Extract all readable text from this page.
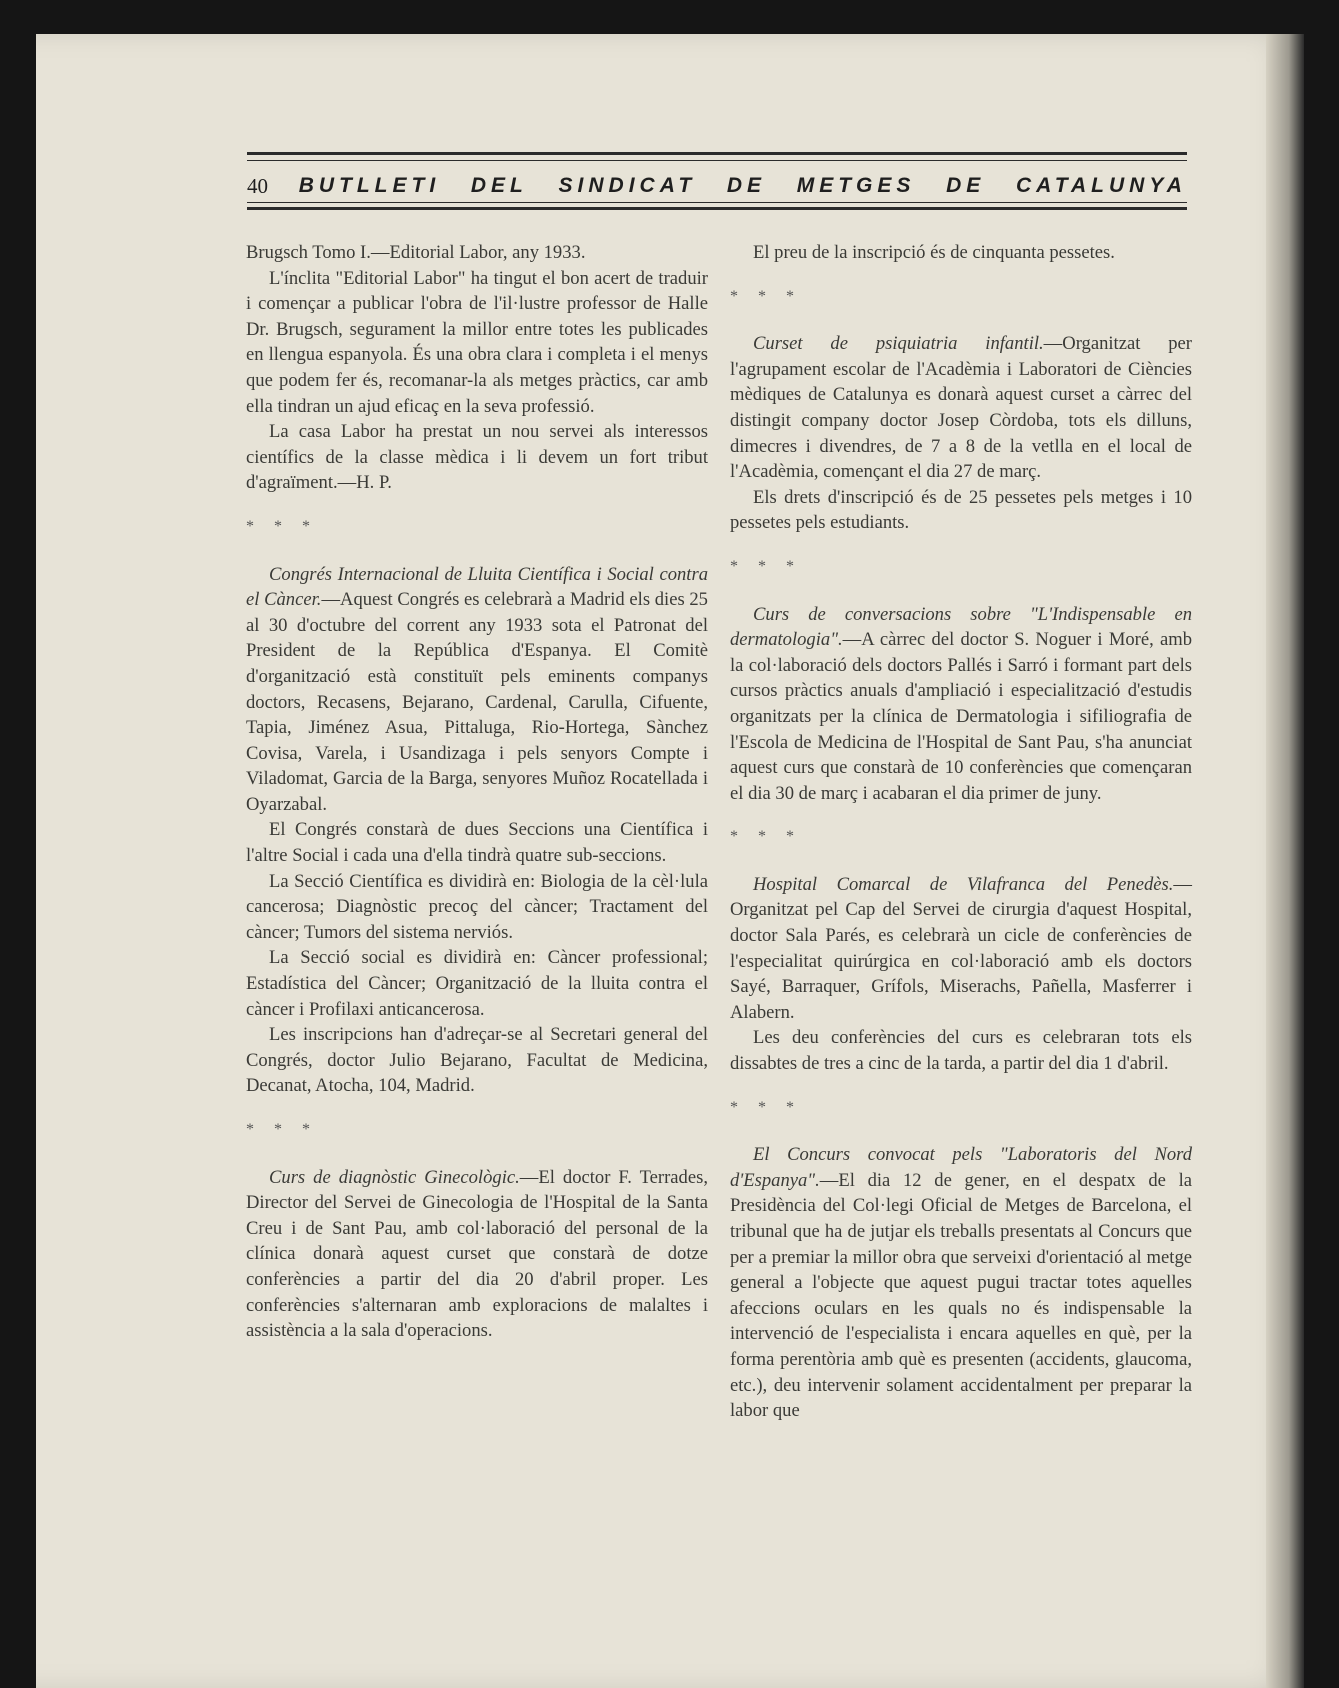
40 BUTLLETI DEL SINDICAT DE METGES DE CATALUNYA

Brugsch Tomo I.—Editorial Labor, any 1933.

L'ínclita "Editorial Labor" ha tingut el bon acert de traduir i començar a publicar l'obra de l'il·lustre professor de Halle Dr. Brugsch, segurament la millor entre totes les publicades en llengua espanyola. És una obra clara i completa i el menys que podem fer és, recomanar-la als metges pràctics, car amb ella tindran un ajud eficaç en la seva professió.

La casa Labor ha prestat un nou servei als interessos científics de la classe mèdica i li devem un fort tribut d'agraïment.—H. P.

* * *

Congrés Internacional de Lluita Científica i Social contra el Càncer.—Aquest Congrés es celebrarà a Madrid els dies 25 al 30 d'octubre del corrent any 1933 sota el Patronat del President de la República d'Espanya. El Comitè d'organització està constituït pels eminents companys doctors, Recasens, Bejarano, Cardenal, Carulla, Cifuente, Tapia, Jiménez Asua, Pittaluga, Rio-Hortega, Sànchez Covisa, Varela, i Usandizaga i pels senyors Compte i Viladomat, Garcia de la Barga, senyores Muñoz Rocatellada i Oyarzabal.

El Congrés constarà de dues Seccions una Científica i l'altre Social i cada una d'ella tindrà quatre sub-seccions.

La Secció Científica es dividirà en: Biologia de la cèl·lula cancerosa; Diagnòstic precoç del càncer; Tractament del càncer; Tumors del sistema nerviós.

La Secció social es dividirà en: Càncer professional; Estadística del Càncer; Organització de la lluita contra el càncer i Profilaxi anticancerosa.

Les inscripcions han d'adreçar-se al Secretari general del Congrés, doctor Julio Bejarano, Facultat de Medicina, Decanat, Atocha, 104, Madrid.

* * *

Curs de diagnòstic Ginecològic.—El doctor F. Terrades, Director del Servei de Ginecologia de l'Hospital de la Santa Creu i de Sant Pau, amb col·laboració del personal de la clínica donarà aquest curset que constarà de dotze conferències a partir del dia 20 d'abril proper. Les conferències s'alternaran amb exploracions de malaltes i assistència a la sala d'operacions.

El preu de la inscripció és de cinquanta pessetes.

* * *

Curset de psiquiatria infantil.—Organitzat per l'agrupament escolar de l'Acadèmia i Laboratori de Ciències mèdiques de Catalunya es donarà aquest curset a càrrec del distingit company doctor Josep Còrdoba, tots els dilluns, dimecres i divendres, de 7 a 8 de la vetlla en el local de l'Acadèmia, començant el dia 27 de març.

Els drets d'inscripció és de 25 pessetes pels metges i 10 pessetes pels estudiants.

* * *

Curs de conversacions sobre "L'Indispensable en dermatologia".—A càrrec del doctor S. Noguer i Moré, amb la col·laboració dels doctors Pallés i Sarró i formant part dels cursos pràctics anuals d'ampliació i especialització d'estudis organitzats per la clínica de Dermatologia i sifiliografia de l'Escola de Medicina de l'Hospital de Sant Pau, s'ha anunciat aquest curs que constarà de 10 conferències que començaran el dia 30 de març i acabaran el dia primer de juny.

* * *

Hospital Comarcal de Vilafranca del Penedès.—Organitzat pel Cap del Servei de cirurgia d'aquest Hospital, doctor Sala Parés, es celebrarà un cicle de conferències de l'especialitat quirúrgica en col·laboració amb els doctors Sayé, Barraquer, Grífols, Miserachs, Pañella, Masferrer i Alabern.

Les deu conferències del curs es celebraran tots els dissabtes de tres a cinc de la tarda, a partir del dia 1 d'abril.

* * *

El Concurs convocat pels "Laboratoris del Nord d'Espanya".—El dia 12 de gener, en el despatx de la Presidència del Col·legi Oficial de Metges de Barcelona, el tribunal que ha de jutjar els treballs presentats al Concurs que per a premiar la millor obra que serveixi d'orientació al metge general a l'objecte que aquest pugui tractar totes aquelles afeccions oculars en les quals no és indispensable la intervenció de l'especialista i encara aquelles en què, per la forma perentòria amb què es presenten (accidents, glaucoma, etc.), deu intervenir solament accidentalment per preparar la labor que
